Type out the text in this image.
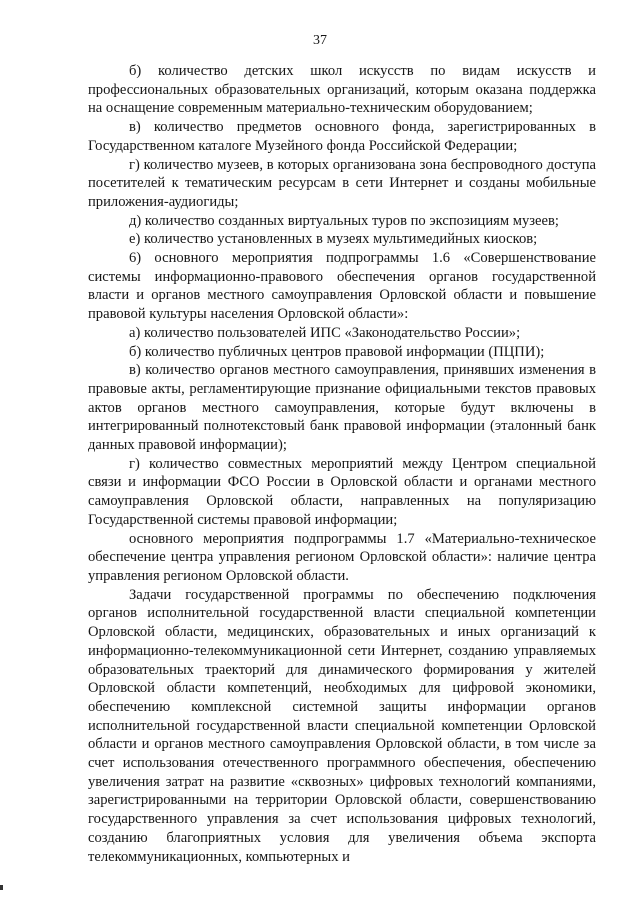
37

б) количество детских школ искусств по видам искусств и профессиональных образовательных организаций, которым оказана поддержка на оснащение современным материально-техническим оборудованием;

в) количество предметов основного фонда, зарегистрированных в Государственном каталоге Музейного фонда Российской Федерации;

г) количество музеев, в которых организована зона беспроводного доступа посетителей к тематическим ресурсам в сети Интернет и созданы мобильные приложения-аудиогиды;

д) количество созданных виртуальных туров по экспозициям музеев;

е) количество установленных в музеях мультимедийных киосков;

6) основного мероприятия подпрограммы 1.6 «Совершенствование системы информационно-правового обеспечения органов государственной власти и органов местного самоуправления Орловской области и повышение правовой культуры населения Орловской области»:

а) количество пользователей ИПС «Законодательство России»;

б) количество публичных центров правовой информации (ПЦПИ);

в) количество органов местного самоуправления, принявших изменения в правовые акты, регламентирующие признание официальными текстов правовых актов органов местного самоуправления, которые будут включены в интегрированный полнотекстовый банк правовой информации (эталонный банк данных правовой информации);

г) количество совместных мероприятий между Центром специальной связи и информации ФСО России в Орловской области и органами местного самоуправления Орловской области, направленных на популяризацию Государственной системы правовой информации;

основного мероприятия подпрограммы 1.7 «Материально-техническое обеспечение центра управления регионом Орловской области»: наличие центра управления регионом Орловской области.

Задачи государственной программы по обеспечению подключения органов исполнительной государственной власти специальной компетенции Орловской области, медицинских, образовательных и иных организаций к информационно-телекоммуникационной сети Интернет, созданию управляемых образовательных траекторий для динамического формирования у жителей Орловской области компетенций, необходимых для цифровой экономики, обеспечению комплексной системной защиты информации органов исполнительной государственной власти специальной компетенции Орловской области и органов местного самоуправления Орловской области, в том числе за счет использования отечественного программного обеспечения, обеспечению увеличения затрат на развитие «сквозных» цифровых технологий компаниями, зарегистрированными на территории Орловской области, совершенствованию государственного управления за счет использования цифровых технологий, созданию благоприятных условия для увеличения объема экспорта телекоммуникационных, компьютерных и
